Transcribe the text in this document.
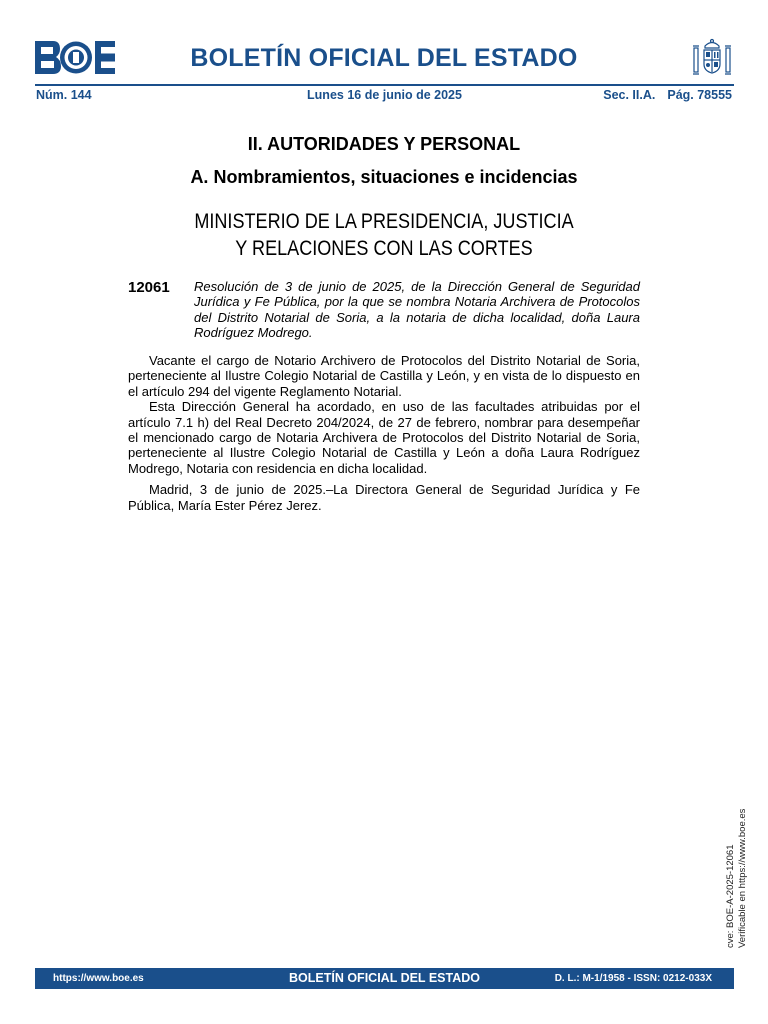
BOLETÍN OFICIAL DEL ESTADO
Núm. 144	Lunes 16 de junio de 2025	Sec. II.A. Pág. 78555
II. AUTORIDADES Y PERSONAL
A. Nombramientos, situaciones e incidencias
MINISTERIO DE LA PRESIDENCIA, JUSTICIA
Y RELACIONES CON LAS CORTES
12061 Resolución de 3 de junio de 2025, de la Dirección General de Seguridad Jurídica y Fe Pública, por la que se nombra Notaria Archivera de Protocolos del Distrito Notarial de Soria, a la notaria de dicha localidad, doña Laura Rodríguez Modrego.

Vacante el cargo de Notario Archivero de Protocolos del Distrito Notarial de Soria, perteneciente al Ilustre Colegio Notarial de Castilla y León, y en vista de lo dispuesto en el artículo 294 del vigente Reglamento Notarial.

Esta Dirección General ha acordado, en uso de las facultades atribuidas por el artículo 7.1 h) del Real Decreto 204/2024, de 27 de febrero, nombrar para desempeñar el mencionado cargo de Notaria Archivera de Protocolos del Distrito Notarial de Soria, perteneciente al Ilustre Colegio Notarial de Castilla y León a doña Laura Rodríguez Modrego, Notaria con residencia en dicha localidad.

Madrid, 3 de junio de 2025.–La Directora General de Seguridad Jurídica y Fe Pública, María Ester Pérez Jerez.

cve: BOE-A-2025-12061 Verificable en https://www.boe.es
https://www.boe.es	BOLETÍN OFICIAL DEL ESTADO	D. L.: M-1/1958 - ISSN: 0212-033X
